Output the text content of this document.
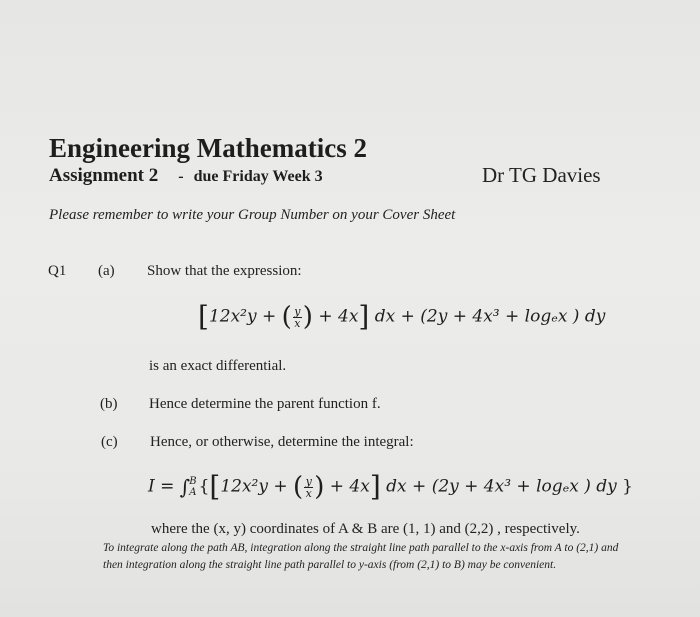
Engineering Mathematics 2
Assignment 2 - due Friday Week 3	Dr TG Davies
Please remember to write your Group Number on your Cover Sheet
Q1 (a) Show that the expression:
[12x²y + ( $\frac{y}{x}$ ) + 4x] dx + (2y + 4x³ + logₑx ) dy
is an exact differential.
(b) Hence determine the parent function f.
(c) Hence, or otherwise, determine the integral:
I = ∫ B
A {[12x²y + ( $\frac{y}{x}$ ) + 4x] dx + (2y + 4x³ + logₑx ) dy }
where the (x, y) coordinates of A & B are (1, 1) and (2,2) , respectively.
To integrate along the path AB, integration along the straight line path parallel to the x-axis from A to (2,1) and
then integration along the straight line path parallel to y-axis (from (2,1) to B) may be convenient.
